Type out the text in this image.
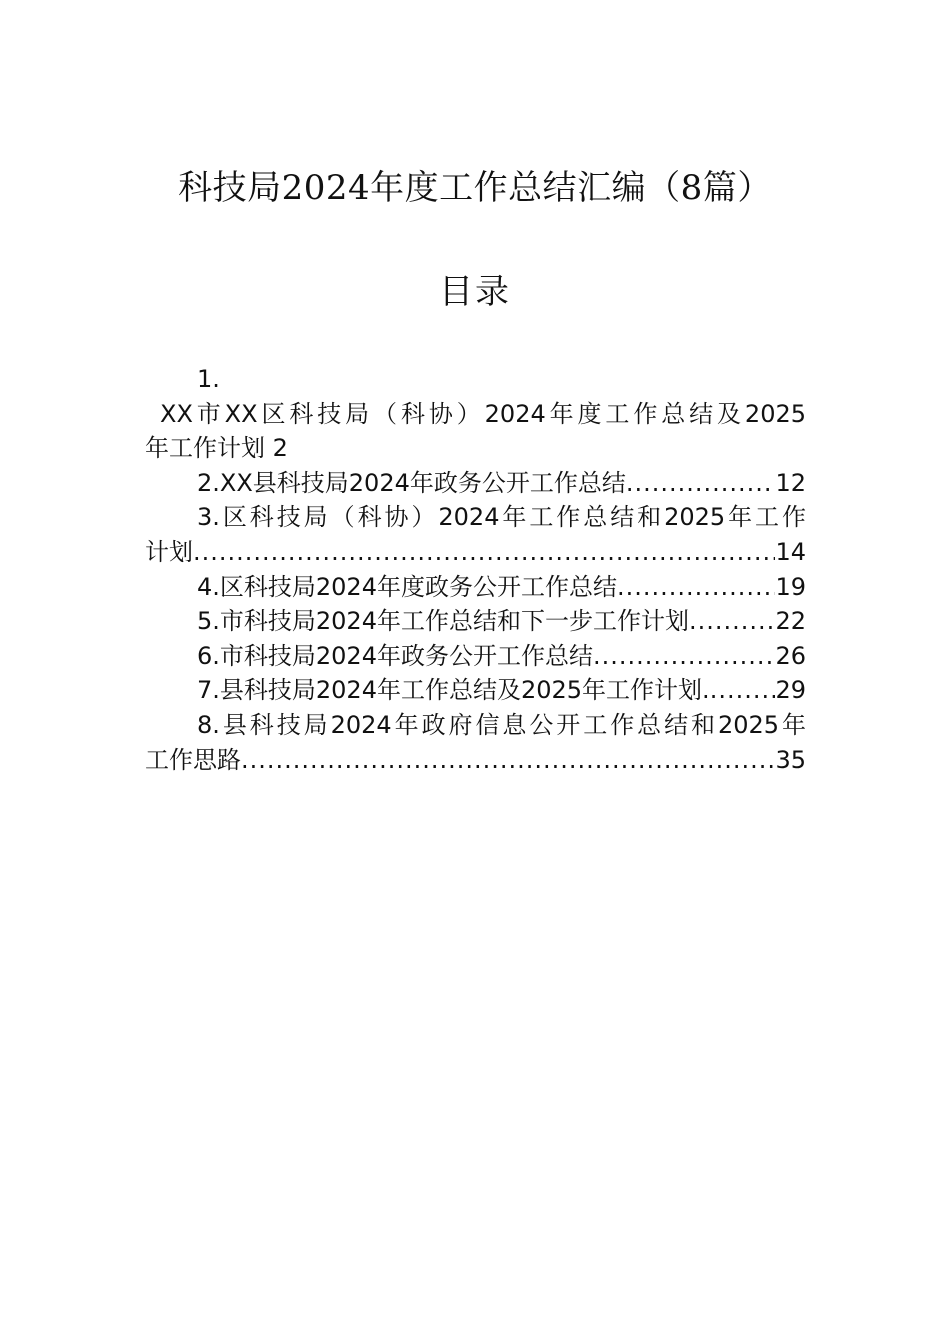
科技局2024年度工作总结汇编（8篇）
目录
1.
XX市XX区科技局（科协）2024年度工作总结及2025
年工作计划 2
2.XX县科技局2024年政务公开工作总结 .....	12
3.区科技局（科协）2024年工作总结和2025年工作
计划 .....	14
4.区科技局2024年度政务公开工作总结 .....	19
5.市科技局2024年工作总结和下一步工作计划 .....	22
6.市科技局2024年政务公开工作总结 .....	26
7.县科技局2024年工作总结及2025年工作计划. .....	29
8.县科技局2024年政府信息公开工作总结和2025年
工作思路 .....	35
